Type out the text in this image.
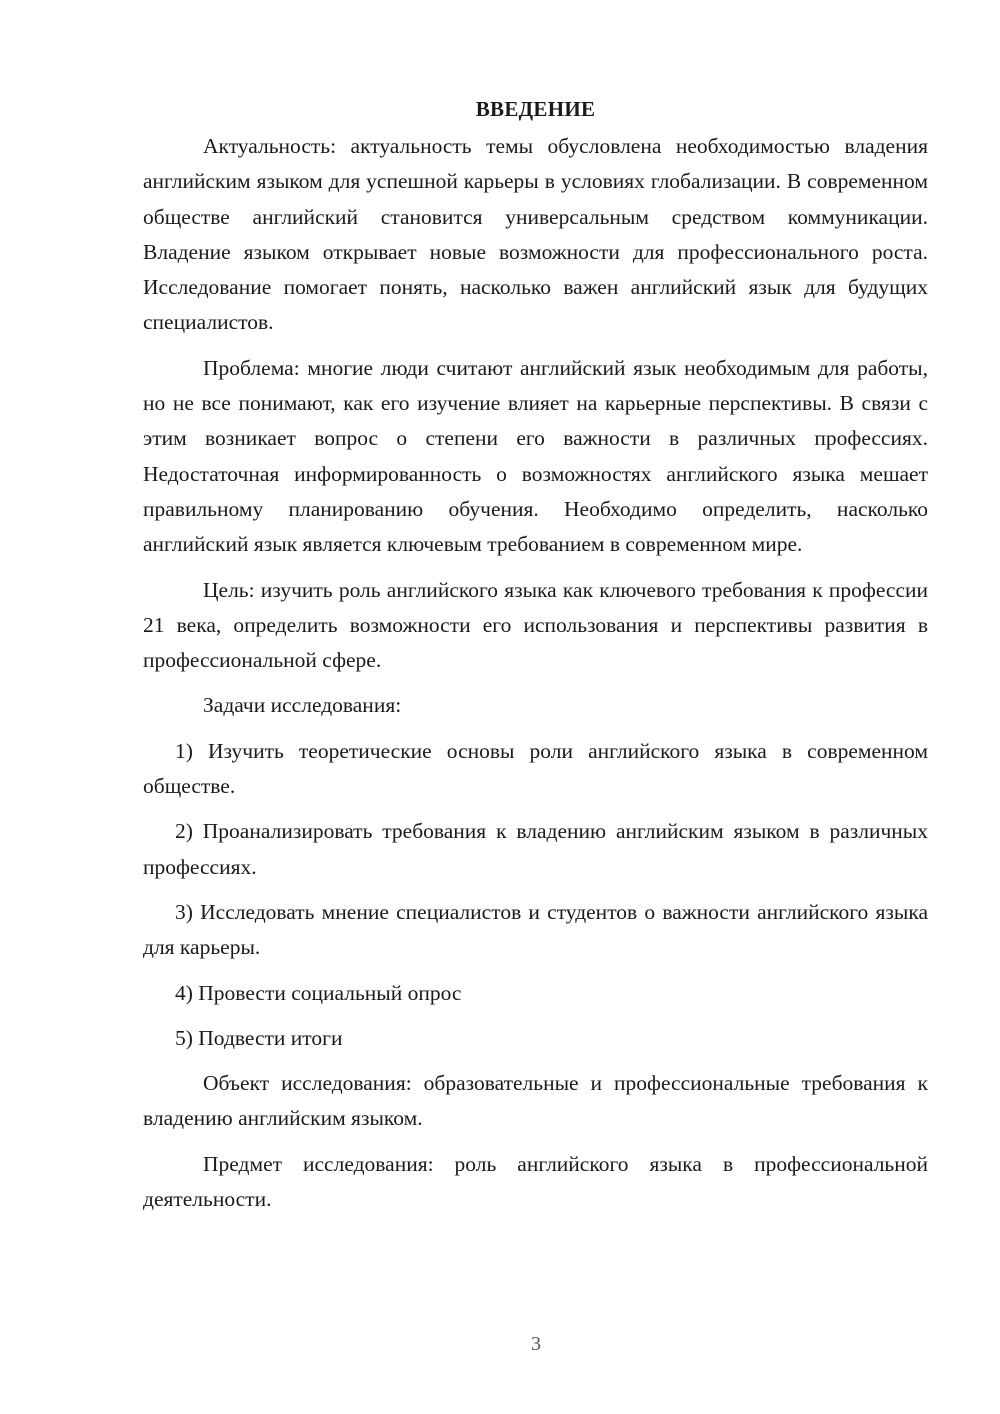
ВВЕДЕНИЕ

Актуальность: актуальность темы обусловлена необходимостью владения английским языком для успешной карьеры в условиях глобализации. В современном обществе английский становится универсальным средством коммуникации. Владение языком открывает новые возможности для профессионального роста. Исследование помогает понять, насколько важен английский язык для будущих специалистов.

Проблема: многие люди считают английский язык необходимым для работы, но не все понимают, как его изучение влияет на карьерные перспективы. В связи с этим возникает вопрос о степени его важности в различных профессиях. Недостаточная информированность о возможностях английского языка мешает правильному планированию обучения. Необходимо определить, насколько английский язык является ключевым требованием в современном мире.

Цель: изучить роль английского языка как ключевого требования к профессии 21 века, определить возможности его использования и перспективы развития в профессиональной сфере.

Задачи исследования:

1) Изучить теоретические основы роли английского языка в современном обществе.

2) Проанализировать требования к владению английским языком в различных профессиях.

3) Исследовать мнение специалистов и студентов о важности английского языка для карьеры.

4) Провести социальный опрос

5) Подвести итоги

Объект исследования: образовательные и профессиональные требования к владению английским языком.

Предмет исследования: роль английского языка в профессиональной деятельности.

3
